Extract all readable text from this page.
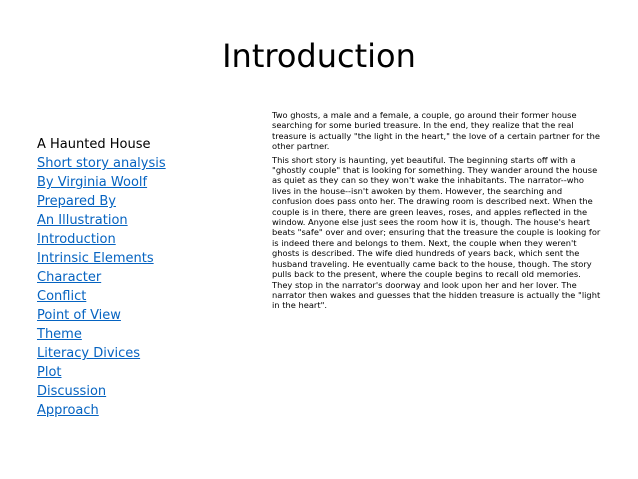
Introduction
A Haunted House
Short story analysis
By Virginia Woolf
Prepared By
An Illustration
Introduction
Intrinsic Elements
Character
Conflict
Point of View
Theme
Literacy Divices
Plot
Discussion
Approach

Two ghosts, a male and a female, a couple, go around their former house searching for some buried treasure. In the end, they realize that the real treasure is actually "the light in the heart," the love of a certain partner for the other partner.

This short story is haunting, yet beautiful. The beginning starts off with a "ghostly couple" that is looking for something. They wander around the house as quiet as they can so they won't wake the inhabitants. The narrator--who lives in the house--isn't awoken by them. However, the searching and confusion does pass onto her. The drawing room is described next. When the couple is in there, there are green leaves, roses, and apples reflected in the window. Anyone else just sees the room how it is, though. The house's heart beats "safe" over and over; ensuring that the treasure the couple is looking for is indeed there and belongs to them. Next, the couple when they weren't ghosts is described. The wife died hundreds of years back, which sent the husband traveling. He eventually came back to the house, though. The story pulls back to the present, where the couple begins to recall old memories. They stop in the narrator's doorway and look upon her and her lover. The narrator then wakes and guesses that the hidden treasure is actually the "light in the heart".
